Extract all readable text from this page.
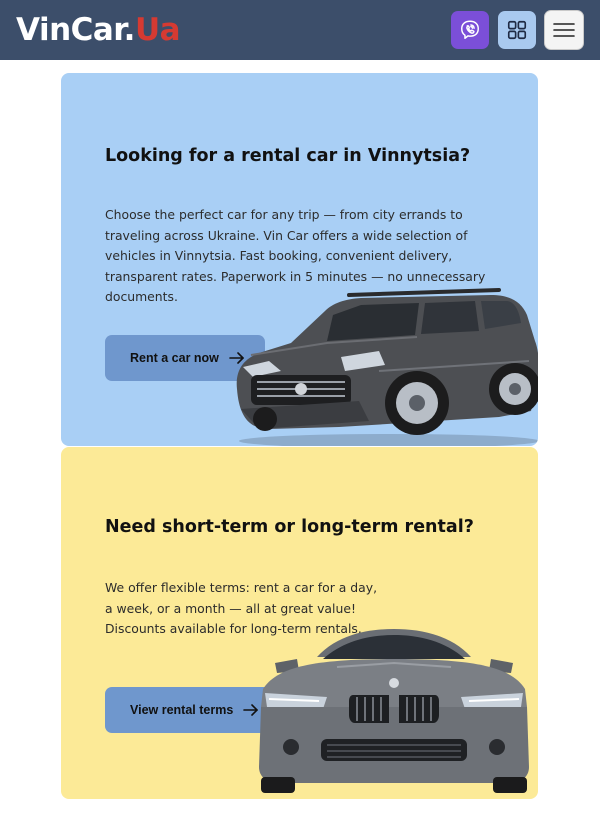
VinCar.Ua
Looking for a rental car in Vinnytsia?

Choose the perfect car for any trip — from city errands to traveling across Ukraine. Vin Car offers a wide selection of vehicles in Vinnytsia. Fast booking, convenient delivery, transparent rates. Paperwork in 5 minutes — no unnecessary documents.

Rent a car now
Need short-term or long-term rental?

We offer flexible terms: rent a car for a day,
a week, or a month — all at great value!
Discounts available for long-term rentals.

View rental terms
